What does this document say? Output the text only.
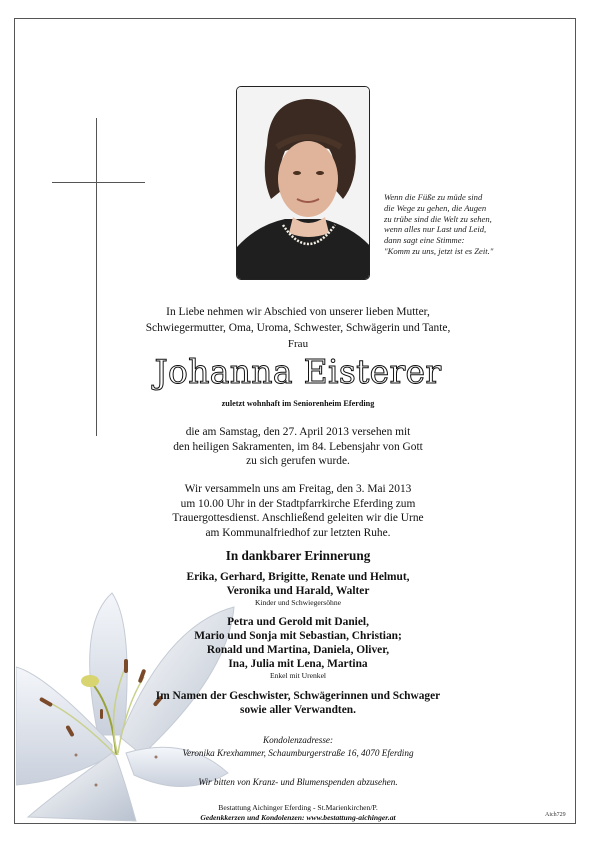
Wenn die Füße zu müde sind
die Wege zu gehen, die Augen
zu trübe sind die Welt zu sehen,
wenn alles nur Last und Leid,
dann sagt eine Stimme:
"Komm zu uns, jetzt ist es Zeit."
In Liebe nehmen wir Abschied von unserer lieben Mutter,
Schwiegermutter, Oma, Uroma, Schwester, Schwägerin und Tante,
Frau
Johanna Eisterer
zuletzt wohnhaft im Seniorenheim Eferding
die am Samstag, den 27. April 2013 versehen mit
den heiligen Sakramenten, im 84. Lebensjahr von Gott
zu sich gerufen wurde.
Wir versammeln uns am Freitag, den 3. Mai 2013
um 10.00 Uhr in der Stadtpfarrkirche Eferding zum
Trauergottesdienst. Anschließend geleiten wir die Urne
am Kommunalfriedhof zur letzten Ruhe.
In dankbarer Erinnerung
Erika, Gerhard, Brigitte, Renate und Helmut,
Veronika und Harald, Walter
Kinder und Schwiegersöhne
Petra und Gerold mit Daniel,
Mario und Sonja mit Sebastian, Christian;
Ronald und Martina, Daniela, Oliver,
Ina, Julia mit Lena, Martina
Enkel mit Urenkel
Im Namen der Geschwister, Schwägerinnen und Schwager
sowie aller Verwandten.
Kondolenzadresse:
Veronika Krexhammer, Schaumburgerstraße 16, 4070 Eferding
Wir bitten von Kranz- und Blumenspenden abzusehen.
Bestattung Aichinger Eferding - St.Marienkirchen/P.
Gedenkkerzen und Kondolenzen: www.bestattung-aichinger.at	Aich729
